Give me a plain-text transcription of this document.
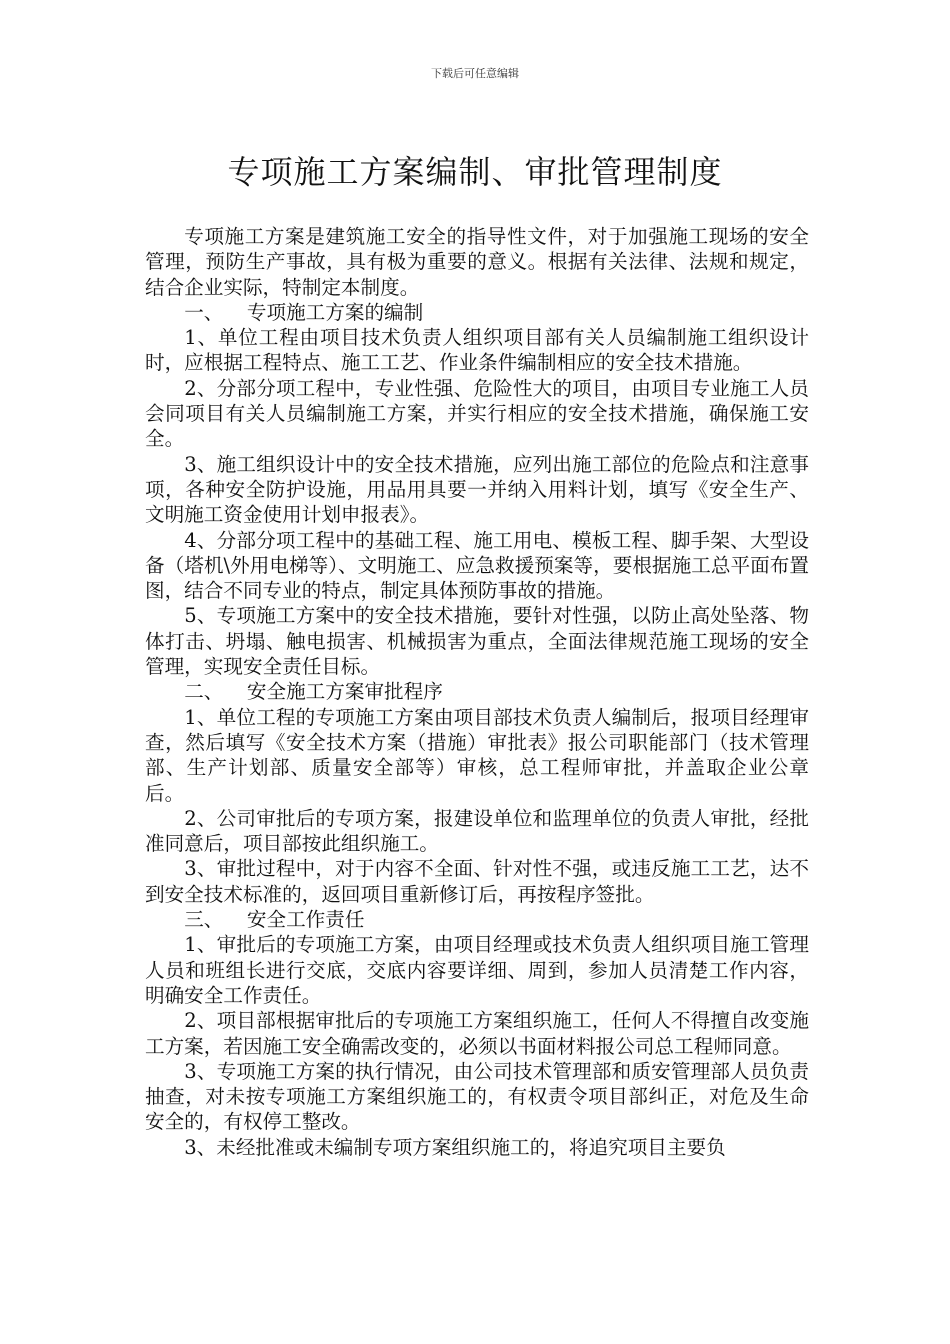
下载后可任意编辑
专项施工方案编制、审批管理制度

专项施工方案是建筑施工安全的指导性文件，对于加强施工现场的安全管理，预防生产事故，具有极为重要的意义。根据有关法律、法规和规定，结合企业实际，特制定本制度。

一、 专项施工方案的编制

1、单位工程由项目技术负责人组织项目部有关人员编制施工组织设计时，应根据工程特点、施工工艺、作业条件编制相应的安全技术措施。

2、分部分项工程中，专业性强、危险性大的项目，由项目专业施工人员会同项目有关人员编制施工方案，并实行相应的安全技术措施，确保施工安全。

3、施工组织设计中的安全技术措施，应列出施工部位的危险点和注意事项，各种安全防护设施，用品用具要一并纳入用料计划，填写《安全生产、文明施工资金使用计划申报表》。

4、分部分项工程中的基础工程、施工用电、模板工程、脚手架、大型设备（塔机\外用电梯等）、文明施工、应急救援预案等，要根据施工总平面布置图，结合不同专业的特点，制定具体预防事故的措施。

5、专项施工方案中的安全技术措施，要针对性强，以防止高处坠落、物体打击、坍塌、触电损害、机械损害为重点，全面法律规范施工现场的安全管理，实现安全责任目标。

二、 安全施工方案审批程序

1、单位工程的专项施工方案由项目部技术负责人编制后，报项目经理审查，然后填写《安全技术方案（措施）审批表》报公司职能部门（技术管理部、生产计划部、质量安全部等）审核，总工程师审批，并盖取企业公章后。

2、公司审批后的专项方案，报建设单位和监理单位的负责人审批，经批准同意后，项目部按此组织施工。

3、审批过程中，对于内容不全面、针对性不强，或违反施工工艺，达不到安全技术标准的，返回项目重新修订后，再按程序签批。

三、 安全工作责任

1、审批后的专项施工方案，由项目经理或技术负责人组织项目施工管理人员和班组长进行交底，交底内容要详细、周到，参加人员清楚工作内容，明确安全工作责任。

2、项目部根据审批后的专项施工方案组织施工，任何人不得擅自改变施工方案，若因施工安全确需改变的，必须以书面材料报公司总工程师同意。

3、专项施工方案的执行情况，由公司技术管理部和质安管理部人员负责抽查，对未按专项施工方案组织施工的，有权责令项目部纠正，对危及生命安全的，有权停工整改。

3、未经批准或未编制专项方案组织施工的，将追究项目主要负
